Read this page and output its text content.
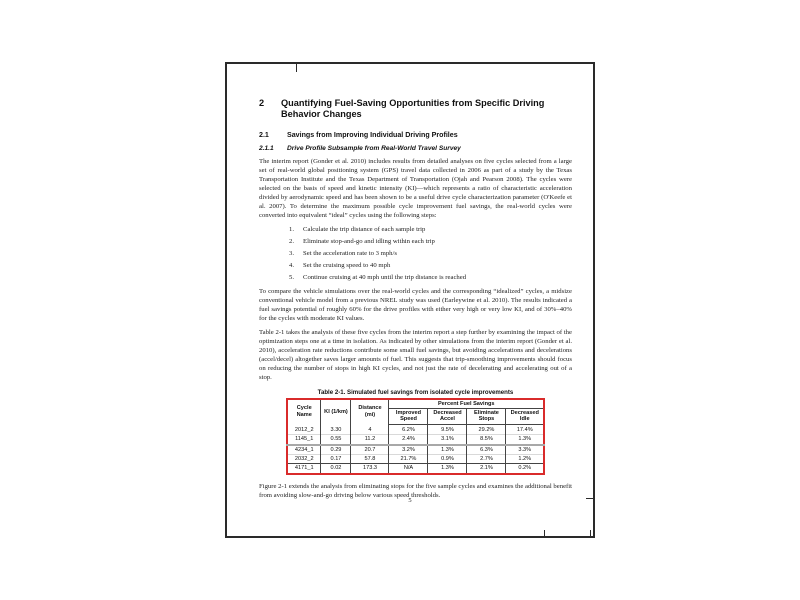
2	Quantifying Fuel-Saving Opportunities from Specific Driving Behavior Changes
2.1	Savings from Improving Individual Driving Profiles
2.1.1	Drive Profile Subsample from Real-World Travel Survey

The interim report (Gonder et al. 2010) includes results from detailed analyses on five cycles selected from a large set of real-world global positioning system (GPS) travel data collected in 2006 as part of a study by the Texas Transportation Institute and the Texas Department of Transportation (Ojah and Pearson 2008). The cycles were selected on the basis of speed and kinetic intensity (KI)—which represents a ratio of characteristic acceleration divided by aerodynamic speed and has been shown to be a useful drive cycle characterization parameter (O'Keefe et al. 2007). To determine the maximum possible cycle improvement fuel savings, the real-world cycles were converted into equivalent “ideal” cycles using the following steps:

1.	Calculate the trip distance of each sample trip
2.	Eliminate stop-and-go and idling within each trip
3.	Set the acceleration rate to 3 mph/s
4.	Set the cruising speed to 40 mph
5.	Continue cruising at 40 mph until the trip distance is reached

To compare the vehicle simulations over the real-world cycles and the corresponding “idealized” cycles, a midsize conventional vehicle model from a previous NREL study was used (Earleywine et al. 2010). The results indicated a fuel savings potential of roughly 60% for the drive profiles with either very high or very low KI, and of 30%–40% for the cycles with moderate KI values.

Table 2-1 takes the analysis of these five cycles from the interim report a step further by examining the impact of the optimization steps one at a time in isolation. As indicated by other simulations from the interim report (Gonder et al. 2010), acceleration rate reductions contribute some small fuel savings, but avoiding accelerations and decelerations (accel/decel) altogether saves larger amounts of fuel. This suggests that trip-smoothing improvements should focus on reducing the number of stops in high KI cycles, and not just the rate of decelerating and accelerating out of a stop.

Table 2-1. Simulated fuel savings from isolated cycle improvements
Cycle Name	KI (1/km)	Distance (mi)	Percent Fuel Savings			
			Improved Speed	Decreased Accel	Eliminate Stops	Decreased Idle
2012_2	3.30	4	6.2%	9.5%	29.2%	17.4%
1145_1	0.55	11.2	2.4%	3.1%	8.5%	1.3%
4234_1	0.29	20.7	3.2%	1.3%	6.3%	3.3%
2032_2	0.17	57.8	21.7%	0.9%	2.7%	1.2%
4171_1	0.02	173.3	N/A	1.3%	2.1%	0.2%

Figure 2-1 extends the analysis from eliminating stops for the five sample cycles and examines the additional benefit from avoiding slow-and-go driving below various speed thresholds.

5
